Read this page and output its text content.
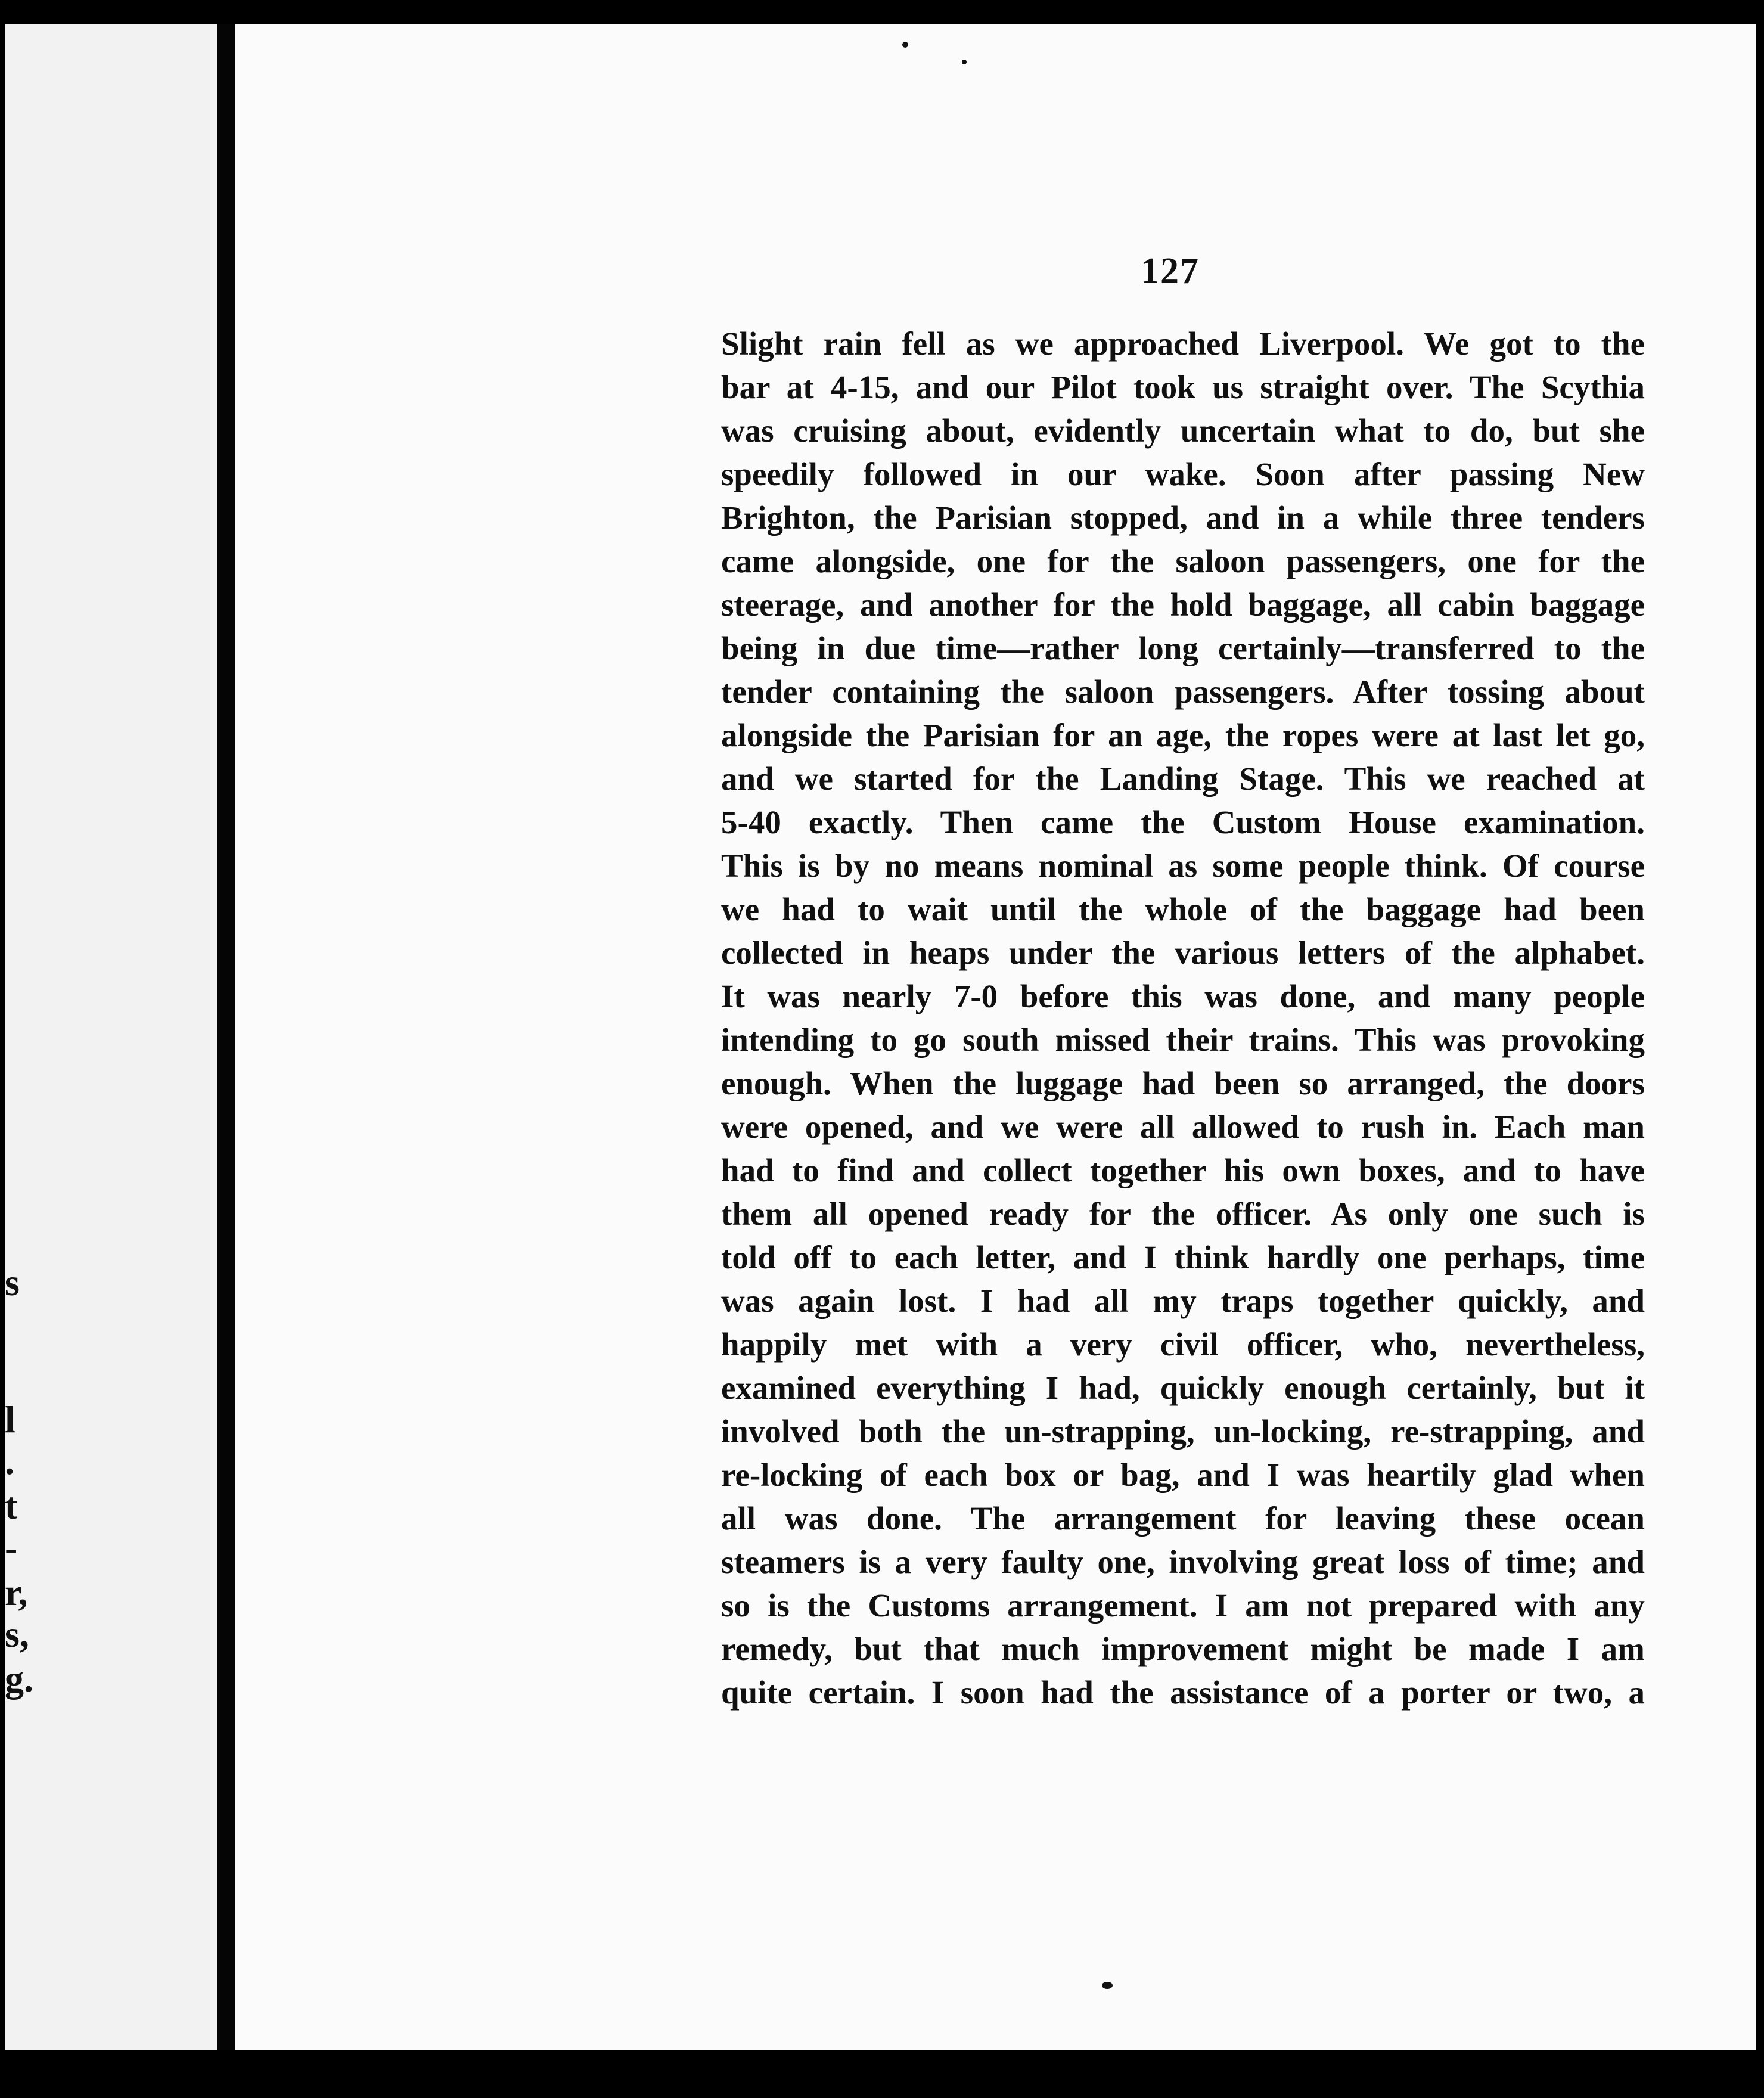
s
l
.
t
-
r,
s,
g.
127
Slight rain fell as we approached Liverpool. We got to the
bar at 4-15, and our Pilot took us straight over. The Scythia
was cruising about, evidently uncertain what to do, but she
speedily followed in our wake. Soon after passing New
Brighton, the Parisian stopped, and in a while three tenders
came alongside, one for the saloon passengers, one for the
steerage, and another for the hold baggage, all cabin baggage
being in due time—rather long certainly—transferred to the
tender containing the saloon passengers. After tossing about
alongside the Parisian for an age, the ropes were at last let go,
and we started for the Landing Stage. This we reached at
5-40 exactly. Then came the Custom House examination.
This is by no means nominal as some people think. Of course
we had to wait until the whole of the baggage had been
collected in heaps under the various letters of the alphabet.
It was nearly 7-0 before this was done, and many people
intending to go south missed their trains. This was provoking
enough. When the luggage had been so arranged, the doors
were opened, and we were all allowed to rush in. Each man
had to find and collect together his own boxes, and to have
them all opened ready for the officer. As only one such is
told off to each letter, and I think hardly one perhaps, time
was again lost. I had all my traps together quickly, and
happily met with a very civil officer, who, nevertheless,
examined everything I had, quickly enough certainly, but it
involved both the un-strapping, un-locking, re-strapping, and
re-locking of each box or bag, and I was heartily glad when
all was done. The arrangement for leaving these ocean
steamers is a very faulty one, involving great loss of time; and
so is the Customs arrangement. I am not prepared with any
remedy, but that much improvement might be made I am
quite certain. I soon had the assistance of a porter or two, a
